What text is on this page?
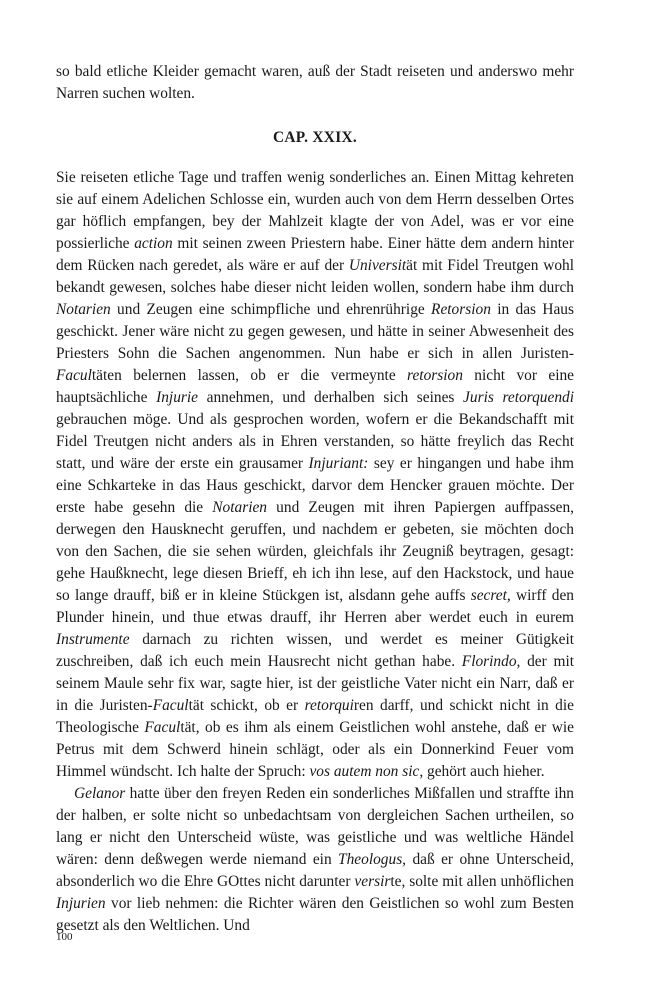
so bald etliche Kleider gemacht waren, auß der Stadt reiseten und anderswo mehr Narren suchen wolten.

CAP. XXIX.

Sie reiseten etliche Tage und traffen wenig sonderliches an. Einen Mittag kehreten sie auf einem Adelichen Schlosse ein, wurden auch von dem Herrn desselben Ortes gar höflich empfangen, bey der Mahlzeit klagte der von Adel, was er vor eine possierliche action mit seinen zween Priestern habe. Einer hätte dem andern hinter dem Rücken nach geredet, als wäre er auf der Universität mit Fidel Treutgen wohl bekandt gewesen, solches habe dieser nicht leiden wollen, sondern habe ihm durch Notarien und Zeugen eine schimpfliche und ehrenrührige Retorsion in das Haus geschickt. Jener wäre nicht zu gegen gewesen, und hätte in seiner Abwesenheit des Priesters Sohn die Sachen angenommen. Nun habe er sich in allen Juristen-Facultäten belernen lassen, ob er die vermeynte retorsion nicht vor eine hauptsächliche Injurie annehmen, und derhalben sich seines Juris retorquendi gebrauchen möge. Und als gesprochen worden, wofern er die Bekandschafft mit Fidel Treutgen nicht anders als in Ehren verstanden, so hätte freylich das Recht statt, und wäre der erste ein grausamer Injuriant: sey er hingangen und habe ihm eine Schkarteke in das Haus geschickt, darvor dem Hencker grauen möchte. Der erste habe gesehn die Notarien und Zeugen mit ihren Papiergen auffpassen, derwegen den Hausknecht geruffen, und nachdem er gebeten, sie möchten doch von den Sachen, die sie sehen würden, gleichfals ihr Zeugniß beytragen, gesagt: gehe Haußknecht, lege diesen Brieff, eh ich ihn lese, auf den Hackstock, und haue so lange drauff, biß er in kleine Stückgen ist, alsdann gehe auffs secret, wirff den Plunder hinein, und thue etwas drauff, ihr Herren aber werdet euch in eurem Instrumente darnach zu richten wissen, und werdet es meiner Gütigkeit zuschreiben, daß ich euch mein Hausrecht nicht gethan habe. Florindo, der mit seinem Maule sehr fix war, sagte hier, ist der geistliche Vater nicht ein Narr, daß er in die Juristen-Facultät schickt, ob er retorquiren darff, und schickt nicht in die Theologische Facultät, ob es ihm als einem Geistlichen wohl anstehe, daß er wie Petrus mit dem Schwerd hinein schlägt, oder als ein Donnerkind Feuer vom Himmel wündscht. Ich halte der Spruch: vos autem non sic, gehört auch hieher.

Gelanor hatte über den freyen Reden ein sonderliches Mißfallen und straffte ihn der halben, er solte nicht so unbedachtsam von dergleichen Sachen urtheilen, so lang er nicht den Unterscheid wüste, was geistliche und was weltliche Händel wären: denn deßwegen werde niemand ein Theologus, daß er ohne Unterscheid, absonderlich wo die Ehre GOttes nicht darunter versirte, solte mit allen unhöflichen Injurien vor lieb nehmen: die Richter wären den Geistlichen so wohl zum Besten gesetzt als den Weltlichen. Und

100
